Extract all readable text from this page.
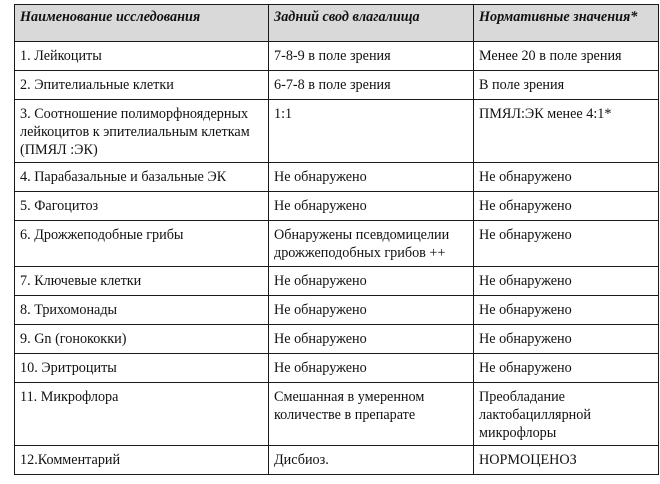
Наименование исследования	Задний свод влагалища	Нормативные значения*
1. Лейкоциты	7-8-9 в поле зрения	Менее 20 в поле зрения
2. Эпителиальные клетки	6-7-8 в поле зрения	В поле зрения
3. Соотношение полиморфноядерных лейкоцитов к эпителиальным клеткам (ПМЯЛ :ЭК)	1:1	ПМЯЛ:ЭК менее 4:1*
4. Парабазальные и базальные ЭК	Не обнаружено	Не обнаружено
5. Фагоцитоз	Не обнаружено	Не обнаружено
6. Дрожжеподобные грибы	Обнаружены псевдомицелии дрожжеподобных грибов ++	Не обнаружено
7. Ключевые клетки	Не обнаружено	Не обнаружено
8. Трихомонады	Не обнаружено	Не обнаружено
9. Gn (гонококки)	Не обнаружено	Не обнаружено
10. Эритроциты	Не обнаружено	Не обнаружено
11. Микрофлора	Смешанная в умеренном количестве в препарате	Преобладание лактобациллярной микрофлоры
12.Комментарий	Дисбиоз.	НОРМОЦЕНОЗ
